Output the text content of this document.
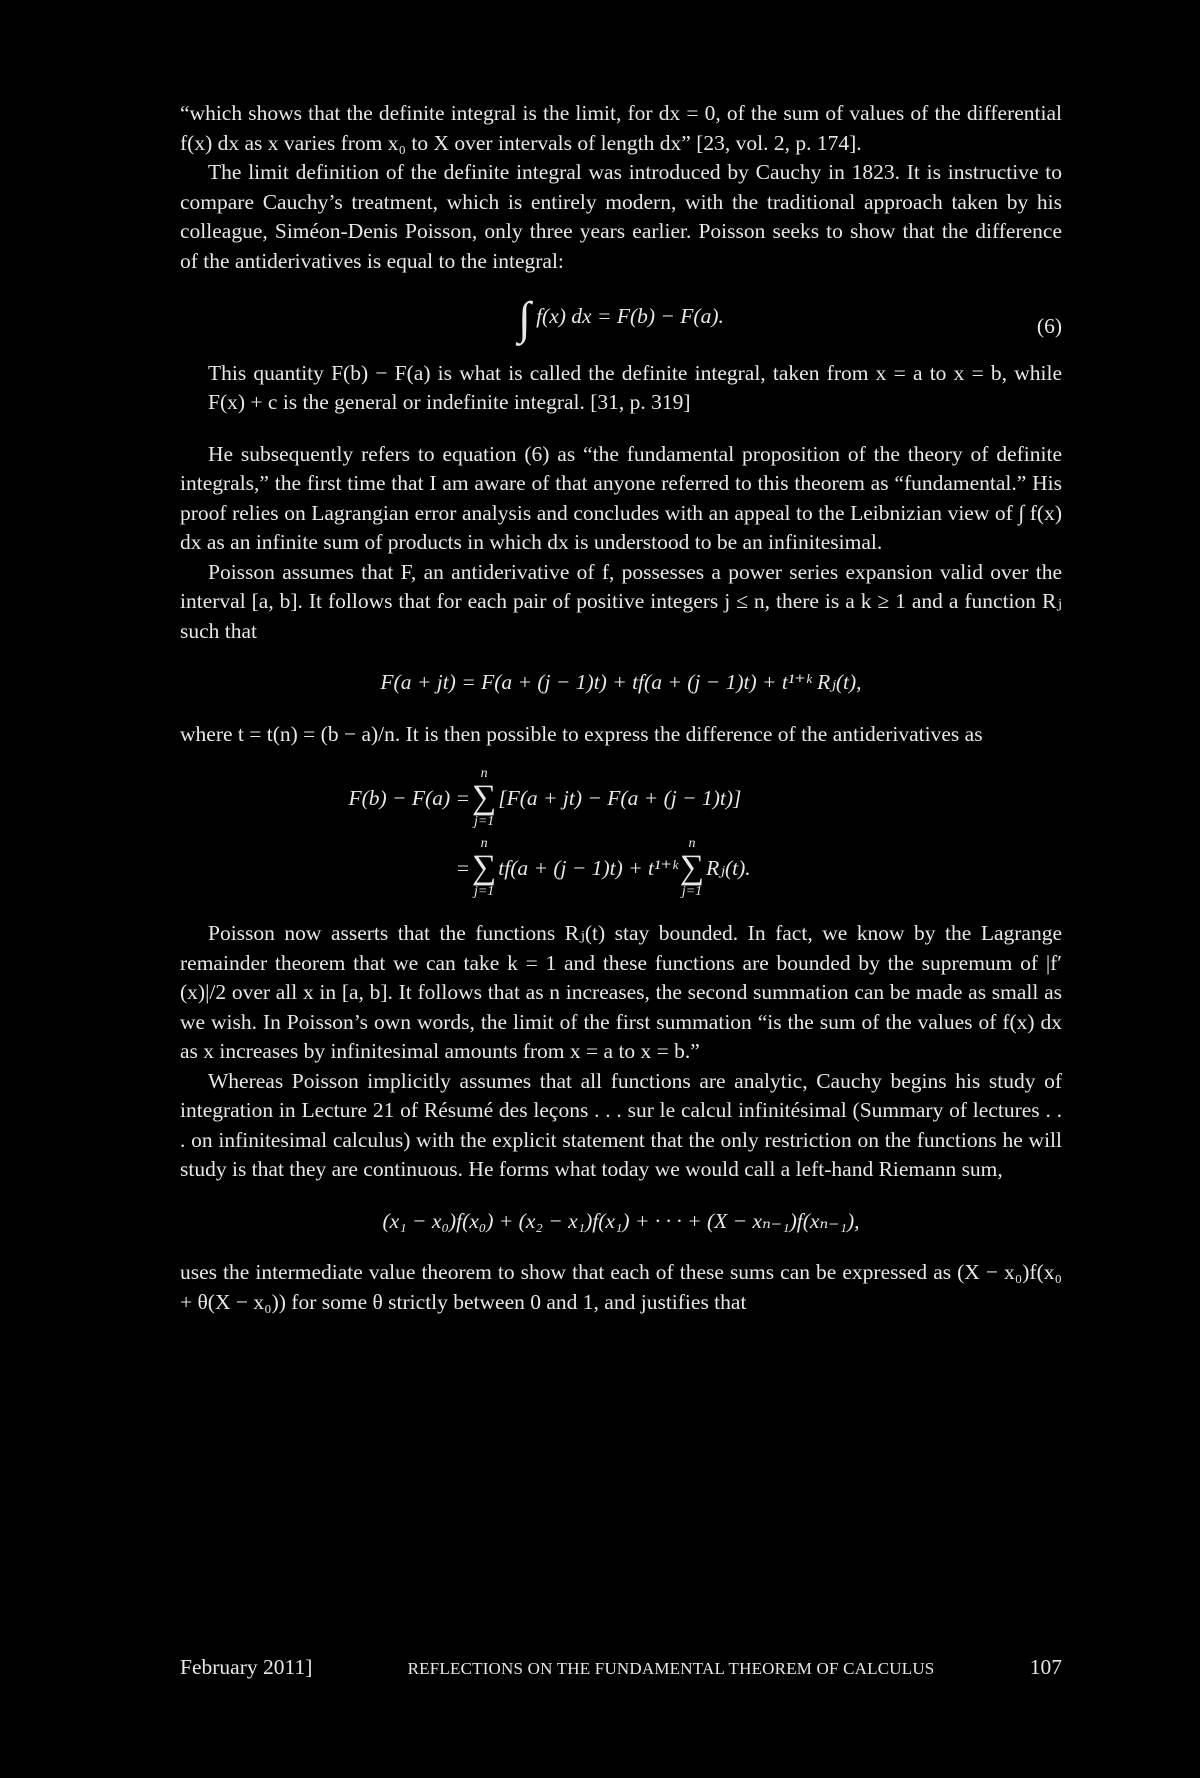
“which shows that the definite integral is the limit, for dx = 0, of the sum of values of the differential f(x) dx as x varies from x₀ to X over intervals of length dx” [23, vol. 2, p. 174].

The limit definition of the definite integral was introduced by Cauchy in 1823. It is instructive to compare Cauchy’s treatment, which is entirely modern, with the traditional approach taken by his colleague, Siméon-Denis Poisson, only three years earlier. Poisson seeks to show that the difference of the antiderivatives is equal to the integral:

∫ f(x) dx = F(b) − F(a).	(6)

This quantity F(b) − F(a) is what is called the definite integral, taken from x = a to x = b, while F(x) + c is the general or indefinite integral. [31, p. 319]

He subsequently refers to equation (6) as “the fundamental proposition of the theory of definite integrals,” the first time that I am aware of that anyone referred to this theorem as “fundamental.” His proof relies on Lagrangian error analysis and concludes with an appeal to the Leibnizian view of ∫ f(x) dx as an infinite sum of products in which dx is understood to be an infinitesimal.

Poisson assumes that F, an antiderivative of f, possesses a power series expansion valid over the interval [a, b]. It follows that for each pair of positive integers j ≤ n, there is a k ≥ 1 and a function Rⱼ such that

F(a + jt) = F(a + (j − 1)t) + tf(a + (j − 1)t) + t¹⁺ᵏ Rⱼ(t),

where t = t(n) = (b − a)/n. It is then possible to express the difference of the antiderivatives as

F(b) − F(a) =
n
∑
j=1
[F(a + jt) − F(a + (j − 1)t)]
=
n
∑
j=1
tf(a + (j − 1)t) + t¹⁺ᵏ
n
∑
j=1
Rⱼ(t).

Poisson now asserts that the functions Rⱼ(t) stay bounded. In fact, we know by the Lagrange remainder theorem that we can take k = 1 and these functions are bounded by the supremum of |f′(x)|/2 over all x in [a, b]. It follows that as n increases, the second summation can be made as small as we wish. In Poisson’s own words, the limit of the first summation “is the sum of the values of f(x) dx as x increases by infinitesimal amounts from x = a to x = b.”

Whereas Poisson implicitly assumes that all functions are analytic, Cauchy begins his study of integration in Lecture 21 of Résumé des leçons . . . sur le calcul infinitésimal (Summary of lectures . . . on infinitesimal calculus) with the explicit statement that the only restriction on the functions he will study is that they are continuous. He forms what today we would call a left-hand Riemann sum,

(x₁ − x₀)f(x₀) + (x₂ − x₁)f(x₁) + · · · + (X − xₙ₋₁)f(xₙ₋₁),

uses the intermediate value theorem to show that each of these sums can be expressed as (X − x₀)f(x₀ + θ(X − x₀)) for some θ strictly between 0 and 1, and justifies that

February 2011]	REFLECTIONS ON THE FUNDAMENTAL THEOREM OF CALCULUS	107
